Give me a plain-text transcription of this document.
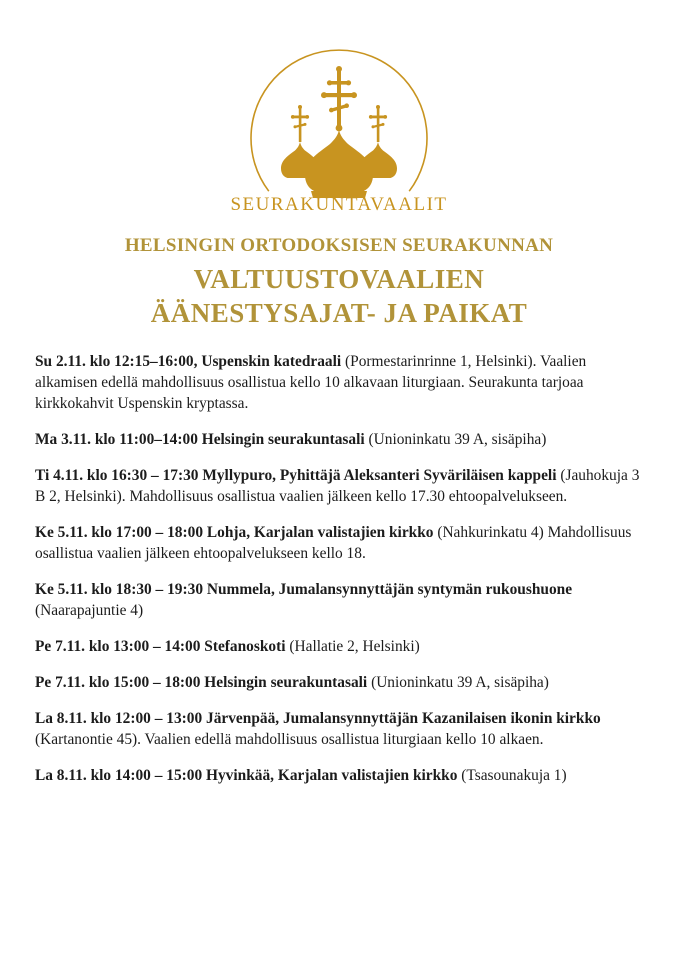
SEURAKUNTAVAALIT
HELSINGIN ORTODOKSISEN SEURAKUNNAN
VALTUUSTOVAALIEN
ÄÄNESTYSAJAT- JA PAIKAT

Su 2.11. klo 12:15–16:00, Uspenskin katedraali (Pormestarinrinne 1, Helsinki). Vaalien alkamisen edellä mahdollisuus osallistua kello 10 alkavaan liturgiaan. Seurakunta tarjoaa kirkkokahvit Uspenskin kryptassa.

Ma 3.11. klo 11:00–14:00 Helsingin seurakuntasali (Unioninkatu 39 A, sisäpiha)

Ti 4.11. klo 16:30 – 17:30 Myllypuro, Pyhittäjä Aleksanteri Syväriläisen kappeli (Jauhokuja 3 B 2, Helsinki). Mahdollisuus osallistua vaalien jälkeen kello 17.30 ehtoopalvelukseen.

Ke 5.11. klo 17:00 – 18:00 Lohja, Karjalan valistajien kirkko (Nahkurinkatu 4) Mahdollisuus osallistua vaalien jälkeen ehtoopalvelukseen kello 18.

Ke 5.11. klo 18:30 – 19:30 Nummela, Jumalansynnyttäjän syntymän rukoushuone (Naarapajuntie 4)

Pe 7.11. klo 13:00 – 14:00 Stefanoskoti (Hallatie 2, Helsinki)

Pe 7.11. klo 15:00 – 18:00 Helsingin seurakuntasali (Unioninkatu 39 A, sisäpiha)

La 8.11. klo 12:00 – 13:00 Järvenpää, Jumalansynnyttäjän Kazanilaisen ikonin kirkko (Kartanontie 45). Vaalien edellä mahdollisuus osallistua liturgiaan kello 10 alkaen.

La 8.11. klo 14:00 – 15:00 Hyvinkää, Karjalan valistajien kirkko (Tsasounakuja 1)
